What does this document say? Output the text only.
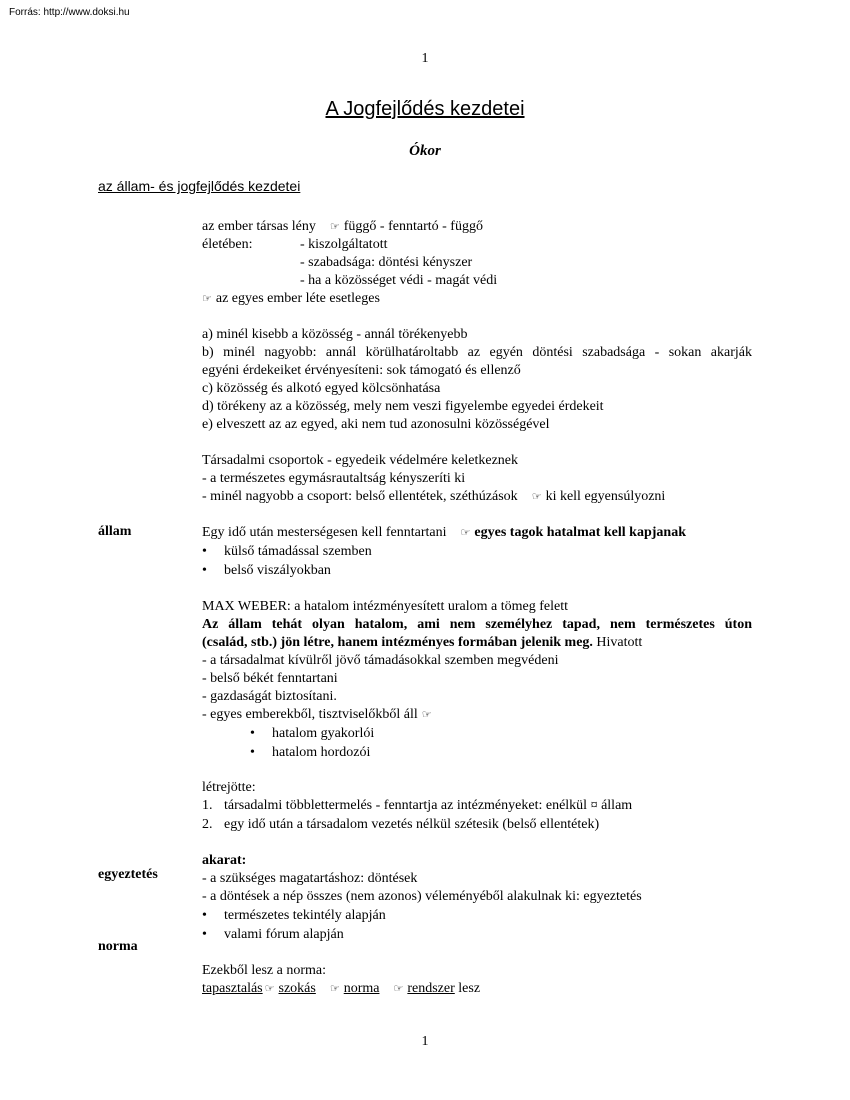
Forrás: http://www.doksi.hu
1
A Jogfejlődés kezdetei
Ókor
az állam- és jogfejlődés kezdetei
az ember társas lény ☞ függő - fenntartó - függő
életében:	- kiszolgáltatott
- szabadsága: döntési kényszer
- ha a közösséget védi - magát védi
☞ az egyes ember léte esetleges
a) minél kisebb a közösség - annál törékenyebb
b) minél nagyobb: annál körülhatároltabb az egyén döntési szabadsága - sokan akarják
egyéni érdekeiket érvényesíteni: sok támogató és ellenző
c) közösség és alkotó egyed kölcsönhatása
d) törékeny az a közösség, mely nem veszi figyelembe egyedei érdekeit
e) elveszett az az egyed, aki nem tud azonosulni közösségével
Társadalmi csoportok - egyedeik védelmére keletkeznek
- a természetes egymásrautaltság kényszeríti ki
- minél nagyobb a csoport: belső ellentétek, széthúzások ☞ ki kell egyensúlyozni
állam	Egy idő után mesterségesen kell fenntartani ☞ egyes tagok hatalmat kell kapjanak
• külső támadással szemben
• belső viszályokban
MAX WEBER: a hatalom intézményesített uralom a tömeg felett
Az állam tehát olyan hatalom, ami nem személyhez tapad, nem természetes úton
(család, stb.) jön létre, hanem intézményes formában jelenik meg. Hivatott
- a társadalmat kívülről jövő támadásokkal szemben megvédeni
- belső békét fenntartani
- gazdaságát biztosítani.
- egyes emberekből, tisztviselőkből áll ☞
• hatalom gyakorlói
• hatalom hordozói
létrejötte:
1. társadalmi többlettermelés - fenntartja az intézményeket: enélkül ¤ állam
2. egy idő után a társadalom vezetés nélkül szétesik (belső ellentétek)
akarat:
egyeztetés	- a szükséges magatartáshoz: döntések
- a döntések a nép összes (nem azonos) véleményéből alakulnak ki: egyeztetés
• természetes tekintély alapján
• valami fórum alapján
norma
Ezekből lesz a norma:
tapasztalás ☞ szokás ☞ norma ☞ rendszer lesz
1
